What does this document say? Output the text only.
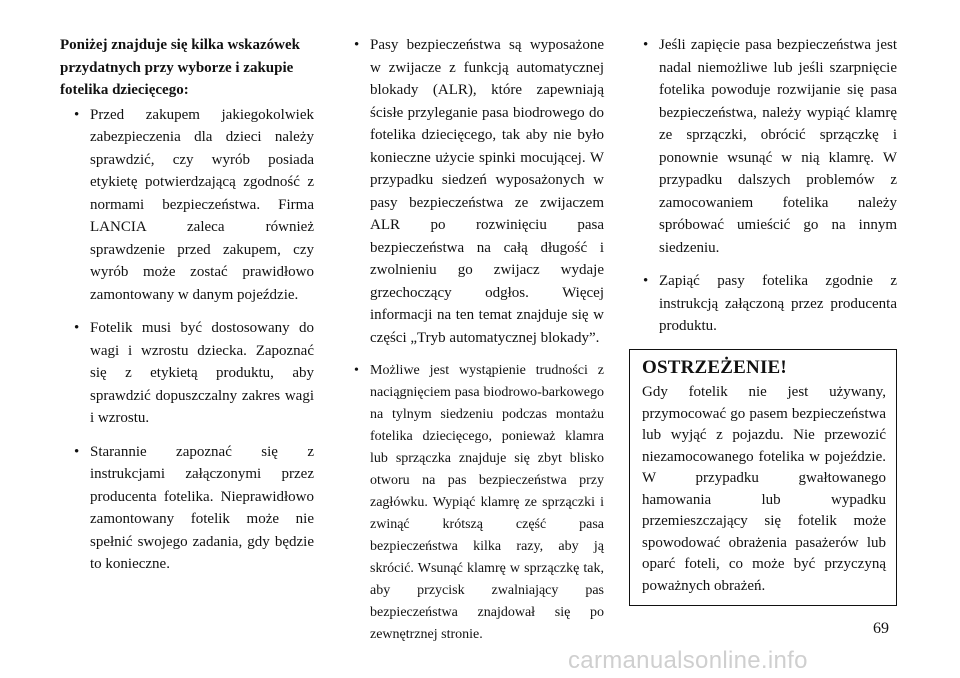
Poniżej znajduje się kilka wskazówek przydatnych przy wyborze i zakupie fotelika dziecięcego:

• Przed zakupem jakiegokolwiek zabezpieczenia dla dzieci należy sprawdzić, czy wyrób posiada etykietę potwierdzającą zgodność z normami bezpieczeństwa. Firma LANCIA zaleca również sprawdzenie przed zakupem, czy wyrób może zostać prawidłowo zamontowany w danym pojeździe.
• Fotelik musi być dostosowany do wagi i wzrostu dziecka. Zapoznać się z etykietą produktu, aby sprawdzić dopuszczalny zakres wagi i wzrostu.
• Starannie zapoznać się z instrukcjami załączonymi przez producenta fotelika. Nieprawidłowo zamontowany fotelik może nie spełnić swojego zadania, gdy będzie to konieczne.
• Pasy bezpieczeństwa są wyposażone w zwijacze z funkcją automatycznej blokady (ALR), które zapewniają ścisłe przyleganie pasa biodrowego do fotelika dziecięcego, tak aby nie było konieczne użycie spinki mocującej. W przypadku siedzeń wyposażonych w pasy bezpieczeństwa ze zwijaczem ALR po rozwinięciu pasa bezpieczeństwa na całą długość i zwolnieniu go zwijacz wydaje grzechoczący odgłos. Więcej informacji na ten temat znajduje się w części „Tryb automatycznej blokady”.
• Możliwe jest wystąpienie trudności z naciągnięciem pasa biodrowo-barkowego na tylnym siedzeniu podczas montażu fotelika dziecięcego, ponieważ klamra lub sprzączka znajduje się zbyt blisko otworu na pas bezpieczeństwa przy zagłówku. Wypiąć klamrę ze sprzączki i zwinąć krótszą część pasa bezpieczeństwa kilka razy, aby ją skrócić. Wsunąć klamrę w sprzączkę tak, aby przycisk zwalniający pas bezpieczeństwa znajdował się po zewnętrznej stronie.
• Jeśli zapięcie pasa bezpieczeństwa jest nadal niemożliwe lub jeśli szarpnięcie fotelika powoduje rozwijanie się pasa bezpieczeństwa, należy wypiąć klamrę ze sprzączki, obrócić sprzączkę i ponownie wsunąć w nią klamrę. W przypadku dalszych problemów z zamocowaniem fotelika należy spróbować umieścić go na innym siedzeniu.
• Zapiąć pasy fotelika zgodnie z instrukcją załączoną przez producenta produktu.
OSTRZEŻENIE!

Gdy fotelik nie jest używany, przymocować go pasem bezpieczeństwa lub wyjąć z pojazdu. Nie przewozić niezamocowanego fotelika w pojeździe. W przypadku gwałtowanego hamowania lub wypadku przemieszczający się fotelik może spowodować obrażenia pasażerów lub oparć foteli, co może być przyczyną poważnych obrażeń.

69
carmanualsonline.info
